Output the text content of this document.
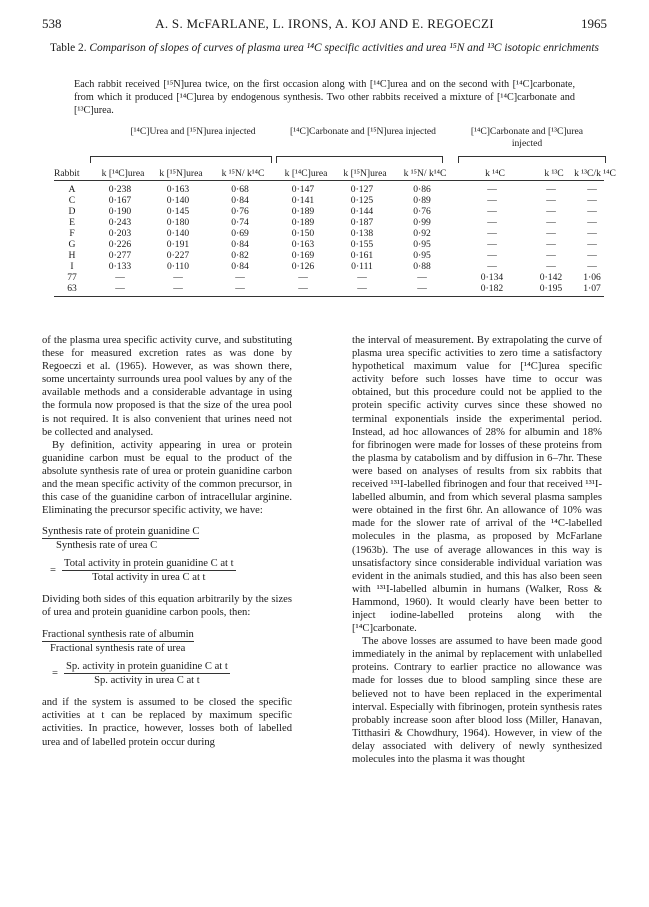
538	A. S. McFARLANE, L. IRONS, A. KOJ AND E. REGOECZI	1965
Table 2. Comparison of slopes of curves of plasma urea ¹⁴C specific activities and urea ¹⁵N and ¹³C isotopic enrichments
Each rabbit received [¹⁵N]urea twice, on the first occasion along with [¹⁴C]urea and on the second with [¹⁴C]carbonate, from which it produced [¹⁴C]urea by endogenous synthesis. Two other rabbits received a mixture of [¹⁴C]carbonate and [¹³C]urea.
[¹⁴C]Urea and [¹⁵N]urea injected	[¹⁴C]Carbonate and [¹⁵N]urea injected	[¹⁴C]Carbonate and [¹³C]urea injected
Rabbit	k [¹⁴C]urea	k [¹⁵N]urea	k ¹⁵N/ k¹⁴C	k [¹⁴C]urea	k [¹⁵N]urea	k ¹⁵N/ k¹⁴C	k ¹⁴C	k ¹³C	k ¹³C/k ¹⁴C
A	0·238	0·163	0·68	0·147	0·127	0·86	—	—	—
C	0·167	0·140	0·84	0·141	0·125	0·89	—	—	—
D	0·190	0·145	0·76	0·189	0·144	0·76	—	—	—
E	0·243	0·180	0·74	0·189	0·187	0·99	—	—	—
F	0·203	0·140	0·69	0·150	0·138	0·92	—	—	—
G	0·226	0·191	0·84	0·163	0·155	0·95	—	—	—
H	0·277	0·227	0·82	0·169	0·161	0·95	—	—	—
I	0·133	0·110	0·84	0·126	0·111	0·88	—	—	—
77	—	—	—	—	—	—	0·134	0·142	1·06
63	—	—	—	—	—	—	0·182	0·195	1·07

of the plasma urea specific activity curve, and substituting these for measured excretion rates as was done by Regoeczi et al. (1965). However, as was shown there, some uncertainty surrounds urea pool values by any of the available methods and a considerable advantage in using the formula now proposed is that the size of the urea pool is not required. It is also convenient that urines need not be collected and analysed.

By definition, activity appearing in urea or protein guanidine carbon must be equal to the product of the absolute synthesis rate of urea or protein guanidine carbon and the mean specific activity of the common precursor, in this case of the guanidine carbon of intracellular arginine. Eliminating the precursor specific activity, we have:

Synthesis rate of protein guanidine C
Synthesis rate of urea C
=
Total activity in protein guanidine C at t
Total activity in urea C at t

Dividing both sides of this equation arbitrarily by the sizes of urea and protein guanidine carbon pools, then:

Fractional synthesis rate of albumin
Fractional synthesis rate of urea
=
Sp. activity in protein guanidine C at t
Sp. activity in urea C at t

and if the system is assumed to be closed the specific activities at t can be replaced by maximum specific activities. In practice, however, losses both of labelled urea and of labelled protein occur during

the interval of measurement. By extrapolating the curve of plasma urea specific activities to zero time a satisfactory hypothetical maximum value for [¹⁴C]urea specific activity before such losses have time to occur was obtained, but this procedure could not be applied to the protein specific activity curves since these showed no terminal exponentials inside the experimental period. Instead, ad hoc allowances of 28% for albumin and 18% for fibrinogen were made for losses of these proteins from the plasma by catabolism and by diffusion in 6–7hr. These were based on analyses of results from six rabbits that received ¹³¹I-labelled fibrinogen and four that received ¹³¹I-labelled albumin, and from which several plasma samples were obtained in the first 6hr. An allowance of 10% was made for the slower rate of arrival of the ¹⁴C-labelled molecules in the plasma, as proposed by McFarlane (1963b). The use of average allowances in this way is unsatisfactory since considerable individual variation was evident in the animals studied, and this has also been seen with ¹³¹I-labelled albumin in humans (Walker, Ross & Hammond, 1960). It would clearly have been better to inject iodine-labelled proteins along with the [¹⁴C]carbonate.

The above losses are assumed to have been made good immediately in the animal by replacement with unlabelled proteins. Contrary to earlier practice no allowance was made for losses due to blood sampling since these are believed not to have been replaced in the experimental interval. Especially with fibrinogen, protein synthesis rates probably increase soon after blood loss (Miller, Hanavan, Titthasiri & Chowdhury, 1964). However, in view of the delay associated with delivery of newly synthesized molecules into the plasma it was thought
